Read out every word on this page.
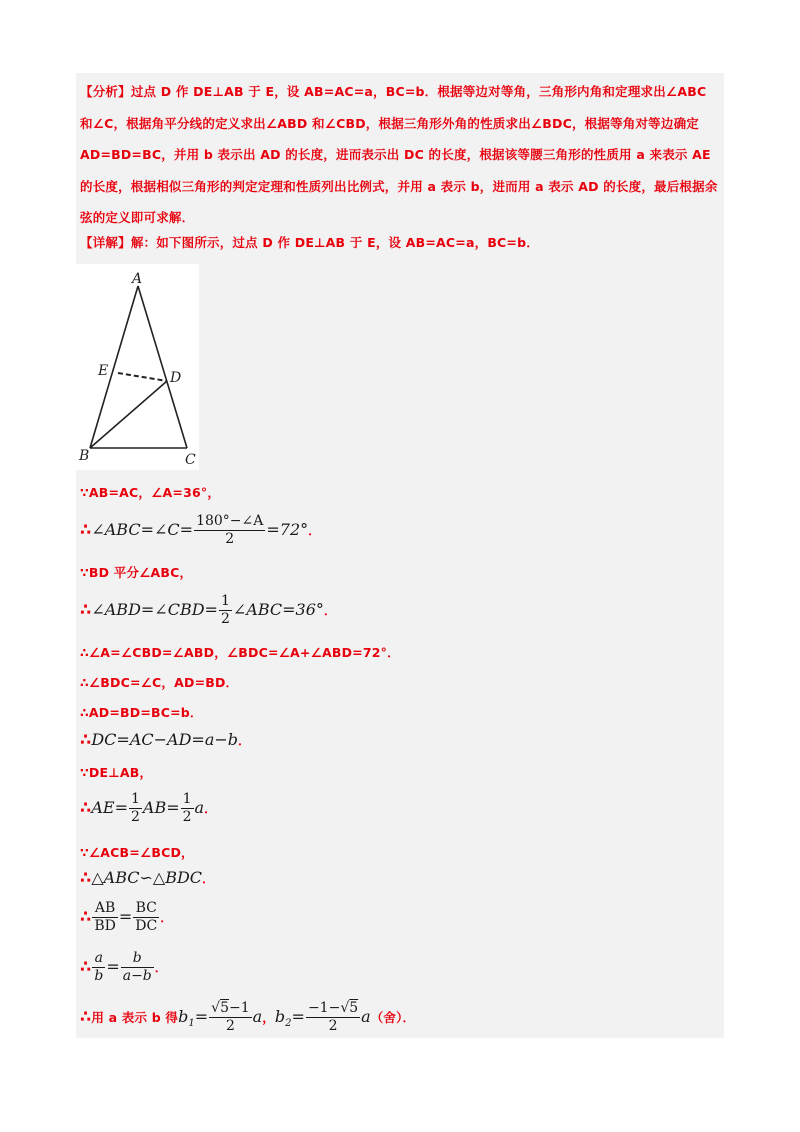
【分析】过点 D 作 DE⊥AB 于 E，设 AB=AC=a，BC=b．根据等边对等角，三角形内角和定理求出∠ABC 和∠C，根据角平分线的定义求出∠ABD 和∠CBD，根据三角形外角的性质求出∠BDC，根据等角对等边确定 AD=BD=BC，并用 b 表示出 AD 的长度，进而表示出 DC 的长度，根据该等腰三角形的性质用 a 来表示 AE 的长度，根据相似三角形的判定定理和性质列出比例式，并用 a 表示 b，进而用 a 表示 AD 的长度，最后根据余弦的定义即可求解．

【详解】解：如下图所示，过点 D 作 DE⊥AB 于 E，设 AB=AC=a，BC=b．

A
E	D
B	C
∵AB=AC，∠A=36°，
∴∠ABC=∠C= $\frac{180^\circ-\angle A}{2} =72^\circ$．
∵BD 平分∠ABC，
∴∠ABD=∠CBD= $\frac{1}{2}$ ∠ABC=36°．
∴∠A=∠CBD=∠ABD，∠BDC=∠A+∠ABD=72°．
∴∠BDC=∠C，AD=BD．
∴AD=BD=BC=b．
∴DC=AC−AD=a−b．
∵DE⊥AB，
∴AE= $\frac{1}{2} AB= \frac{1}{2}$ a．
∵∠ACB=∠BCD，
∴△ABC∽△BDC．
∴ $\frac{AB}{BD} = \frac{BC}{DC}$ ．
∴ $\frac{a}{b} = \frac{b}{a-b}$ ．
∴用 a 表示 b 得$b_1= \frac{√5-1}{2}$ a，$b_2= \frac{-1-√5}{2} a$（舍）．
